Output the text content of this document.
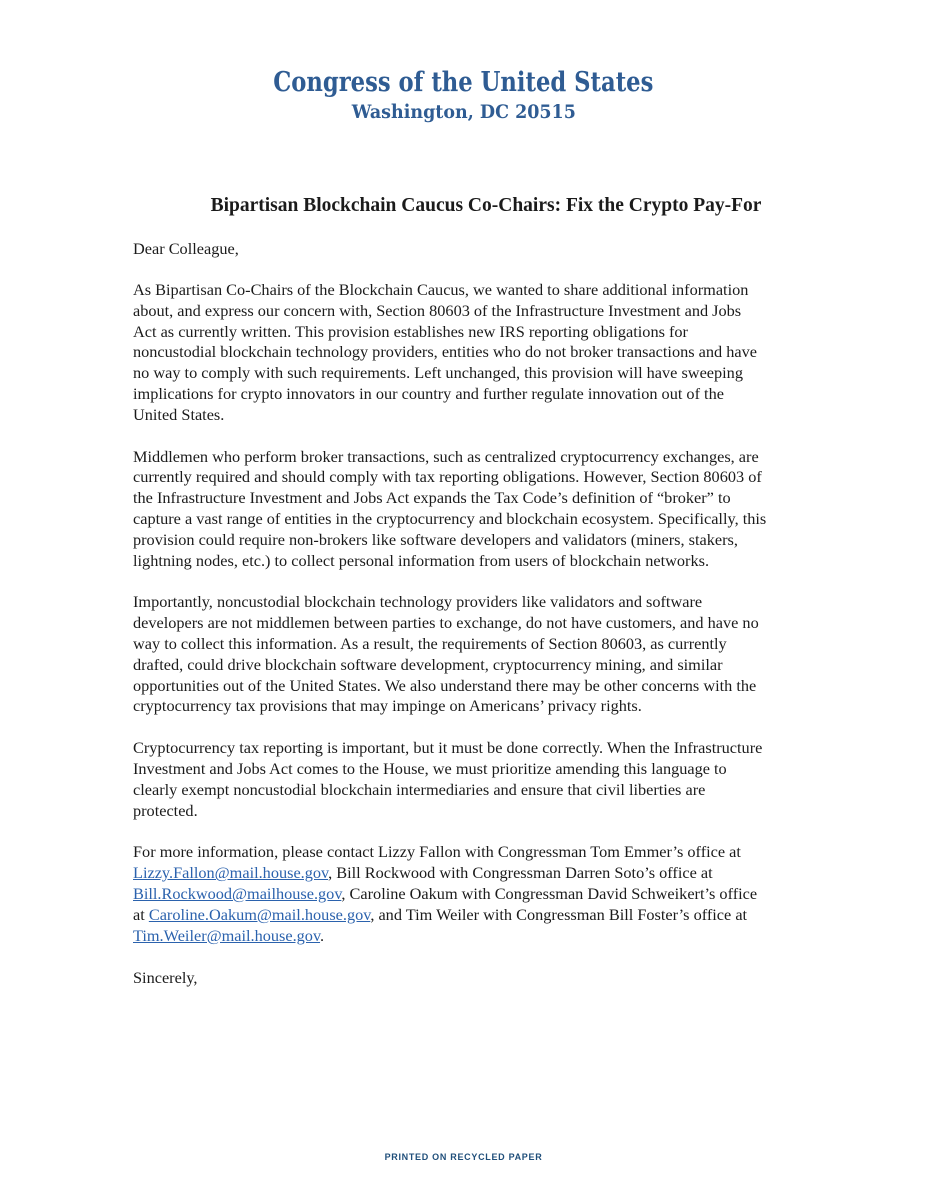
Congress of the United States
Washington, DC 20515
Bipartisan Blockchain Caucus Co-Chairs: Fix the Crypto Pay-For
Dear Colleague,

As Bipartisan Co-Chairs of the Blockchain Caucus, we wanted to share additional information
about, and express our concern with, Section 80603 of the Infrastructure Investment and Jobs
Act as currently written. This provision establishes new IRS reporting obligations for
noncustodial blockchain technology providers, entities who do not broker transactions and have
no way to comply with such requirements. Left unchanged, this provision will have sweeping
implications for crypto innovators in our country and further regulate innovation out of the
United States.

Middlemen who perform broker transactions, such as centralized cryptocurrency exchanges, are
currently required and should comply with tax reporting obligations. However, Section 80603 of
the Infrastructure Investment and Jobs Act expands the Tax Code’s definition of “broker” to
capture a vast range of entities in the cryptocurrency and blockchain ecosystem. Specifically, this
provision could require non-brokers like software developers and validators (miners, stakers,
lightning nodes, etc.) to collect personal information from users of blockchain networks.

Importantly, noncustodial blockchain technology providers like validators and software
developers are not middlemen between parties to exchange, do not have customers, and have no
way to collect this information. As a result, the requirements of Section 80603, as currently
drafted, could drive blockchain software development, cryptocurrency mining, and similar
opportunities out of the United States. We also understand there may be other concerns with the
cryptocurrency tax provisions that may impinge on Americans’ privacy rights.

Cryptocurrency tax reporting is important, but it must be done correctly. When the Infrastructure
Investment and Jobs Act comes to the House, we must prioritize amending this language to
clearly exempt noncustodial blockchain intermediaries and ensure that civil liberties are
protected.

For more information, please contact Lizzy Fallon with Congressman Tom Emmer’s office at
Lizzy.Fallon@mail.house.gov, Bill Rockwood with Congressman Darren Soto’s office at
Bill.Rockwood@mailhouse.gov, Caroline Oakum with Congressman David Schweikert’s office
at Caroline.Oakum@mail.house.gov, and Tim Weiler with Congressman Bill Foster’s office at
Tim.Weiler@mail.house.gov.

Sincerely,
PRINTED ON RECYCLED PAPER
